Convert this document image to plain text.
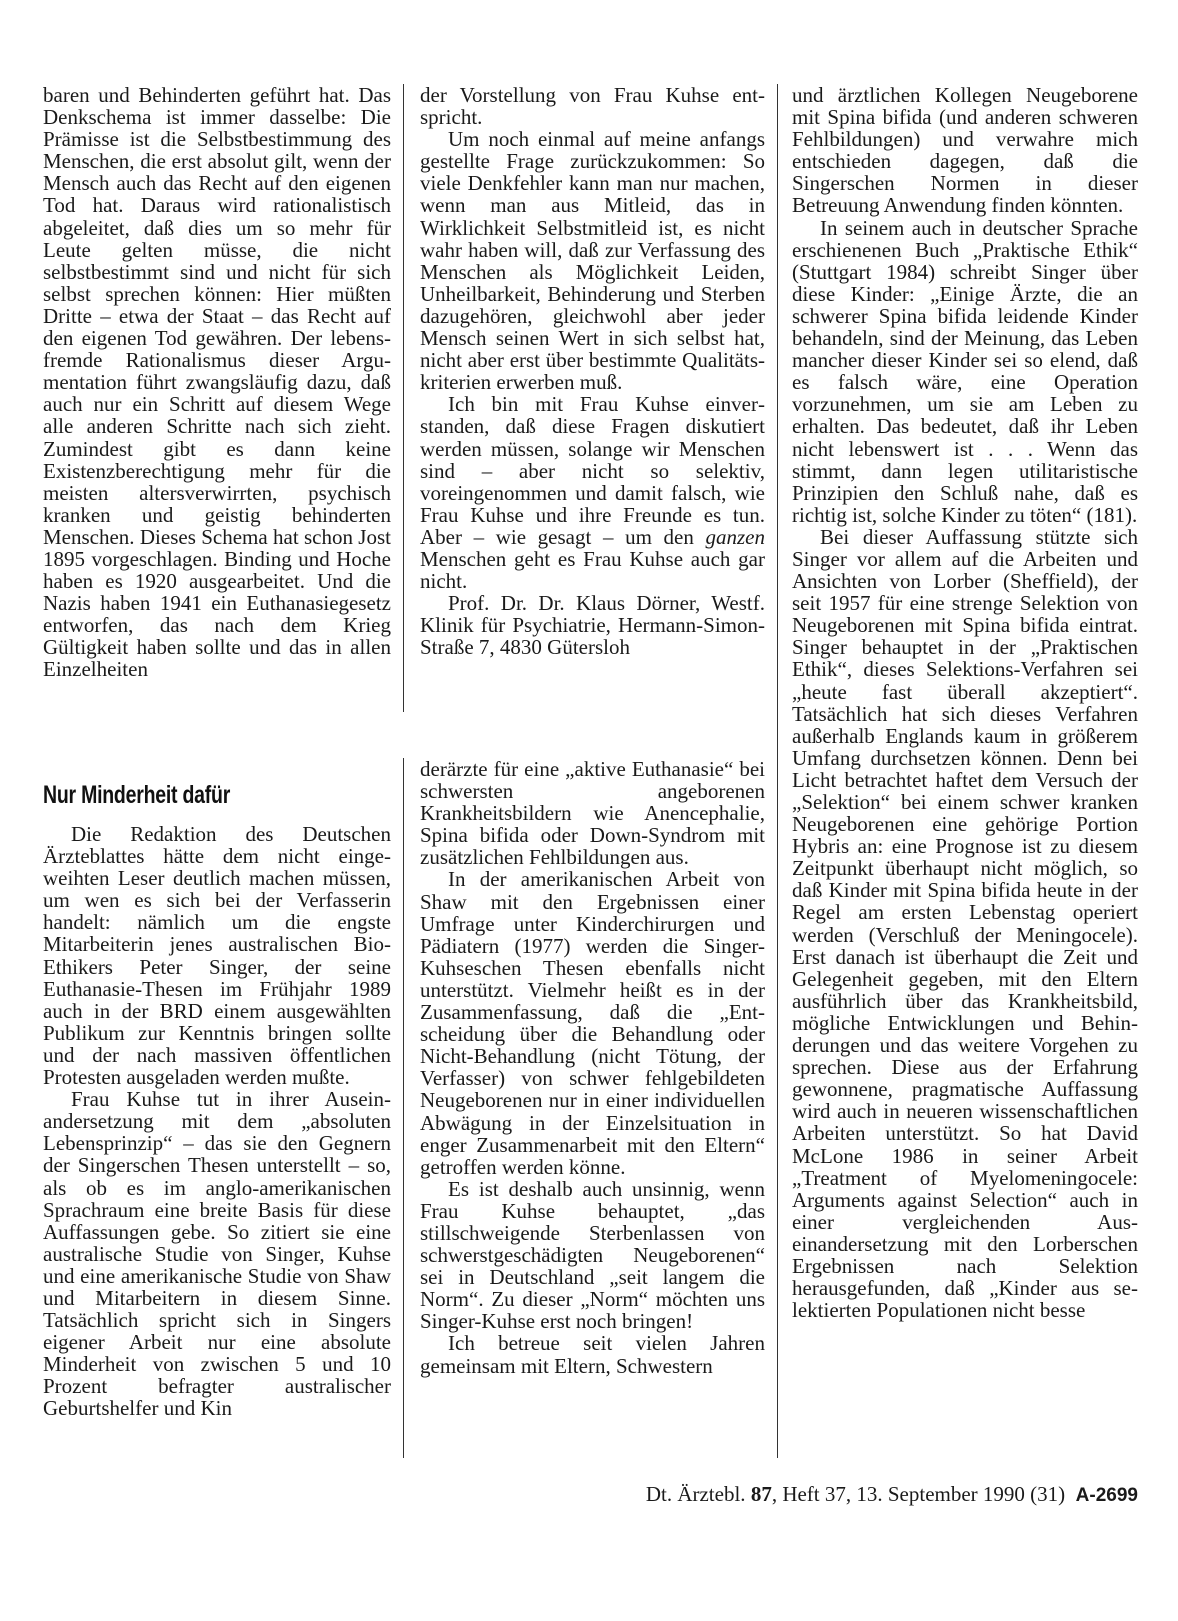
baren und Behinderten geführt hat. Das Denkschema ist immer dasselbe: Die Prämisse ist die Selbstbestimmung des Menschen, die erst absolut gilt, wenn der Mensch auch das Recht auf den eigenen Tod hat. Daraus wird rationalistisch abgeleitet, daß dies um so mehr für Leute gelten müsse, die nicht selbstbestimmt sind und nicht für sich selbst sprechen können: Hier müßten Dritte – etwa der Staat – das Recht auf den eigenen Tod gewähren. Der lebensfremde Rationalismus dieser Argumentation führt zwangsläufig dazu, daß auch nur ein Schritt auf diesem Wege alle anderen Schritte nach sich zieht. Zumindest gibt es dann keine Existenzberechtigung mehr für die meisten altersverwirrten, psychisch kranken und geistig behinderten Menschen. Dieses Schema hat schon Jost 1895 vorgeschlagen. Binding und Hoche haben es 1920 ausgearbeitet. Und die Nazis haben 1941 ein Euthanasiegesetz entworfen, das nach dem Krieg Gültigkeit haben sollte und das in allen Einzelheiten

der Vorstellung von Frau Kuhse entspricht.

Um noch einmal auf meine anfangs gestellte Frage zurückzukommen: So viele Denkfehler kann man nur machen, wenn man aus Mitleid, das in Wirklichkeit Selbstmitleid ist, es nicht wahr haben will, daß zur Verfassung des Menschen als Möglichkeit Leiden, Unheilbarkeit, Behinderung und Sterben dazugehören, gleichwohl aber jeder Mensch seinen Wert in sich selbst hat, nicht aber erst über bestimmte Qualitätskriterien erwerben muß.

Ich bin mit Frau Kuhse einverstanden, daß diese Fragen diskutiert werden müssen, solange wir Menschen sind – aber nicht so selektiv, voreingenommen und damit falsch, wie Frau Kuhse und ihre Freunde es tun. Aber – wie gesagt – um den ganzen Menschen geht es Frau Kuhse auch gar nicht.

Prof. Dr. Dr. Klaus Dörner, Westf. Klinik für Psychiatrie, Hermann-Simon-Straße 7, 4830 Gütersloh

und ärztlichen Kollegen Neugeborene mit Spina bifida (und anderen schweren Fehlbildungen) und verwahre mich entschieden dagegen, daß die Singerschen Normen in dieser Betreuung Anwendung finden könnten.

In seinem auch in deutscher Sprache erschienenen Buch „Praktische Ethik“ (Stuttgart 1984) schreibt Singer über diese Kinder: „Einige Ärzte, die an schwerer Spina bifida leidende Kinder behandeln, sind der Meinung, das Leben mancher dieser Kinder sei so elend, daß es falsch wäre, eine Operation vorzunehmen, um sie am Leben zu erhalten. Das bedeutet, daß ihr Leben nicht lebenswert ist . . . Wenn das stimmt, dann legen utilitaristische Prinzipien den Schluß nahe, daß es richtig ist, solche Kinder zu töten“ (181).

Bei dieser Auffassung stützte sich Singer vor allem auf die Arbeiten und Ansichten von Lorber (Sheffield), der seit 1957 für eine strenge Selektion von Neugeborenen mit Spina bifida eintrat. Singer behauptet in der „Praktischen Ethik“, dieses Selektions-Verfahren sei „heute fast überall akzeptiert“. Tatsächlich hat sich dieses Verfahren außerhalb Englands kaum in größerem Umfang durchsetzen können. Denn bei Licht betrachtet haftet dem Versuch der „Selektion“ bei einem schwer kranken Neugeborenen eine gehörige Portion Hybris an: eine Prognose ist zu diesem Zeitpunkt überhaupt nicht möglich, so daß Kinder mit Spina bifida heute in der Regel am ersten Lebenstag operiert werden (Verschluß der Meningocele). Erst danach ist überhaupt die Zeit und Gelegenheit gegeben, mit den Eltern ausführlich über das Krankheitsbild, mögliche Entwicklungen und Behinderungen und das weitere Vorgehen zu sprechen. Diese aus der Erfahrung gewonnene, pragmatische Auffassung wird auch in neueren wissenschaftlichen Arbeiten unterstützt. So hat David McLone 1986 in seiner Arbeit „Treatment of Myelomeningocele: Arguments against Selection“ auch in einer vergleichenden Auseinandersetzung mit den Lorberschen Ergebnissen nach Selektion herausgefunden, daß „Kinder aus selektierten Populationen nicht besse

Nur Minderheit dafür

Die Redaktion des Deutschen Ärzteblattes hätte dem nicht eingeweihten Leser deutlich machen müssen, um wen es sich bei der Verfasserin handelt: nämlich um die engste Mitarbeiterin jenes australischen Bio-Ethikers Peter Singer, der seine Euthanasie-Thesen im Frühjahr 1989 auch in der BRD einem ausgewählten Publikum zur Kenntnis bringen sollte und der nach massiven öffentlichen Protesten ausgeladen werden mußte.

Frau Kuhse tut in ihrer Auseinandersetzung mit dem „absoluten Lebensprinzip“ – das sie den Gegnern der Singerschen Thesen unterstellt – so, als ob es im anglo-amerikanischen Sprachraum eine breite Basis für diese Auffassungen gebe. So zitiert sie eine australische Studie von Singer, Kuhse und eine amerikanische Studie von Shaw und Mitarbeitern in diesem Sinne. Tatsächlich spricht sich in Singers eigener Arbeit nur eine absolute Minderheit von zwischen 5 und 10 Prozent befragter australischer Geburtshelfer und Kin

derärzte für eine „aktive Euthanasie“ bei schwersten angeborenen Krankheitsbildern wie Anencephalie, Spina bifida oder Down-Syndrom mit zusätzlichen Fehlbildungen aus.

In der amerikanischen Arbeit von Shaw mit den Ergebnissen einer Umfrage unter Kinderchirurgen und Pädiatern (1977) werden die Singer-Kuhseschen Thesen ebenfalls nicht unterstützt. Vielmehr heißt es in der Zusammenfassung, daß die „Entscheidung über die Behandlung oder Nicht-Behandlung (nicht Tötung, der Verfasser) von schwer fehlgebildeten Neugeborenen nur in einer individuellen Abwägung in der Einzelsituation in enger Zusammenarbeit mit den Eltern“ getroffen werden könne.

Es ist deshalb auch unsinnig, wenn Frau Kuhse behauptet, „das stillschweigende Sterbenlassen von schwerstgeschädigten Neugeborenen“ sei in Deutschland „seit langem die Norm“. Zu dieser „Norm“ möchten uns Singer-Kuhse erst noch bringen!

Ich betreue seit vielen Jahren gemeinsam mit Eltern, Schwestern

Dt. Ärztebl. 87, Heft 37, 13. September 1990 (31) A-2699
